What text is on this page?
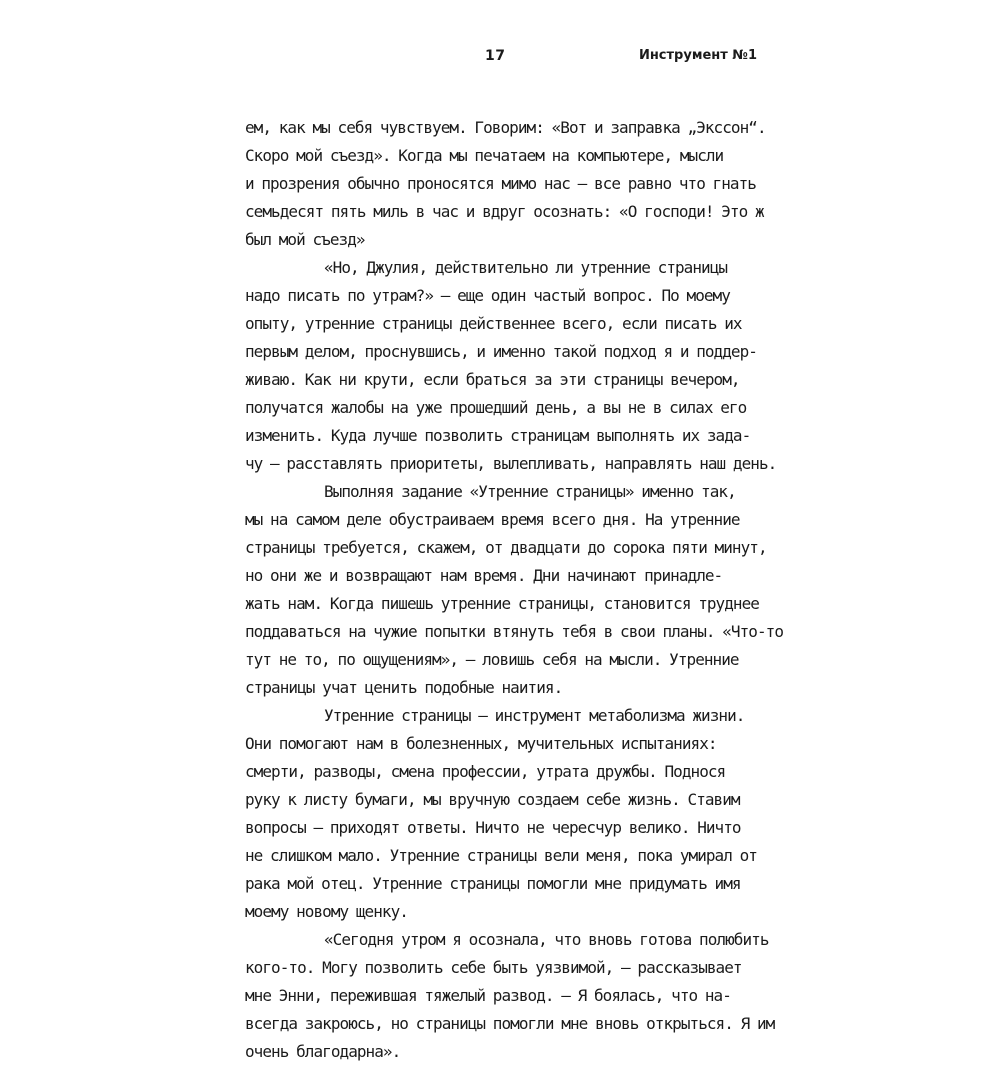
17	Инструмент №1
ем, как мы себя чувствуем. Говорим: «Вот и заправка „Экссон“.
Скоро мой съезд». Когда мы печатаем на компьютере, мысли
и прозрения обычно проносятся мимо нас — все равно что гнать
семьдесят пять миль в час и вдруг осознать: «О господи! Это ж
был мой съезд»
«Но, Джулия, действительно ли утренние страницы
надо писать по утрам?» — еще один частый вопрос. По моему
опыту, утренние страницы действеннее всего, если писать их
первым делом, проснувшись, и именно такой подход я и поддер-
живаю. Как ни крути, если браться за эти страницы вечером,
получатся жалобы на уже прошедший день, а вы не в силах его
изменить. Куда лучше позволить страницам выполнять их зада-
чу — расставлять приоритеты, вылепливать, направлять наш день.
Выполняя задание «Утренние страницы» именно так,
мы на самом деле обустраиваем время всего дня. На утренние
страницы требуется, скажем, от двадцати до сорока пяти минут,
но они же и возвращают нам время. Дни начинают принадле-
жать нам. Когда пишешь утренние страницы, становится труднее
поддаваться на чужие попытки втянуть тебя в свои планы. «Что-то
тут не то, по ощущениям», — ловишь себя на мысли. Утренние
страницы учат ценить подобные наития.
Утренние страницы — инструмент метаболизма жизни.
Они помогают нам в болезненных, мучительных испытаниях:
смерти, разводы, смена профессии, утрата дружбы. Поднося
руку к листу бумаги, мы вручную создаем себе жизнь. Ставим
вопросы — приходят ответы. Ничто не чересчур велико. Ничто
не слишком мало. Утренние страницы вели меня, пока умирал от
рака мой отец. Утренние страницы помогли мне придумать имя
моему новому щенку.
«Сегодня утром я осознала, что вновь готова полюбить
кого-то. Могу позволить себе быть уязвимой, — рассказывает
мне Энни, пережившая тяжелый развод. — Я боялась, что на-
всегда закроюсь, но страницы помогли мне вновь открыться. Я им
очень благодарна».
